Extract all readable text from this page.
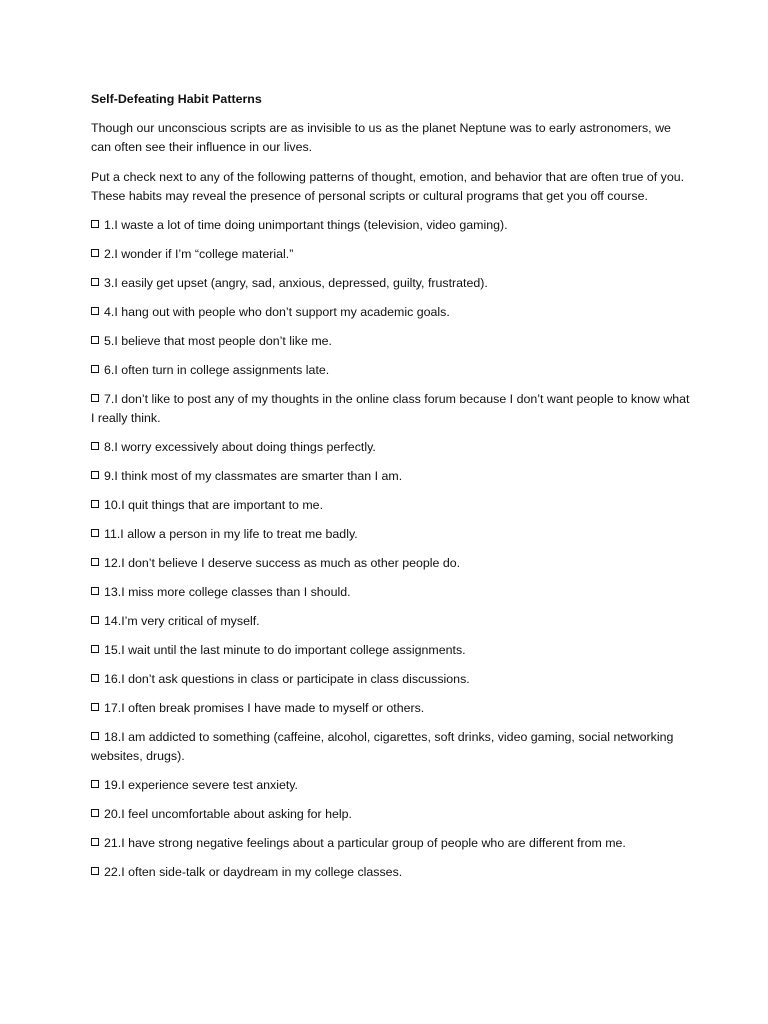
Self-Defeating Habit Patterns
Though our unconscious scripts are as invisible to us as the planet Neptune was to early astronomers, we can often see their influence in our lives.
Put a check next to any of the following patterns of thought, emotion, and behavior that are often true of you. These habits may reveal the presence of personal scripts or cultural programs that get you off course.
1.I waste a lot of time doing unimportant things (television, video gaming).
2.I wonder if I’m “college material.”
3.I easily get upset (angry, sad, anxious, depressed, guilty, frustrated).
4.I hang out with people who don’t support my academic goals.
5.I believe that most people don’t like me.
6.I often turn in college assignments late.
7.I don’t like to post any of my thoughts in the online class forum because I don’t want people to know what I really think.
8.I worry excessively about doing things perfectly.
9.I think most of my classmates are smarter than I am.
10.I quit things that are important to me.
11.I allow a person in my life to treat me badly.
12.I don’t believe I deserve success as much as other people do.
13.I miss more college classes than I should.
14.I’m very critical of myself.
15.I wait until the last minute to do important college assignments.
16.I don’t ask questions in class or participate in class discussions.
17.I often break promises I have made to myself or others.
18.I am addicted to something (caffeine, alcohol, cigarettes, soft drinks, video gaming, social networking websites, drugs).
19.I experience severe test anxiety.
20.I feel uncomfortable about asking for help.
21.I have strong negative feelings about a particular group of people who are different from me.
22.I often side-talk or daydream in my college classes.
